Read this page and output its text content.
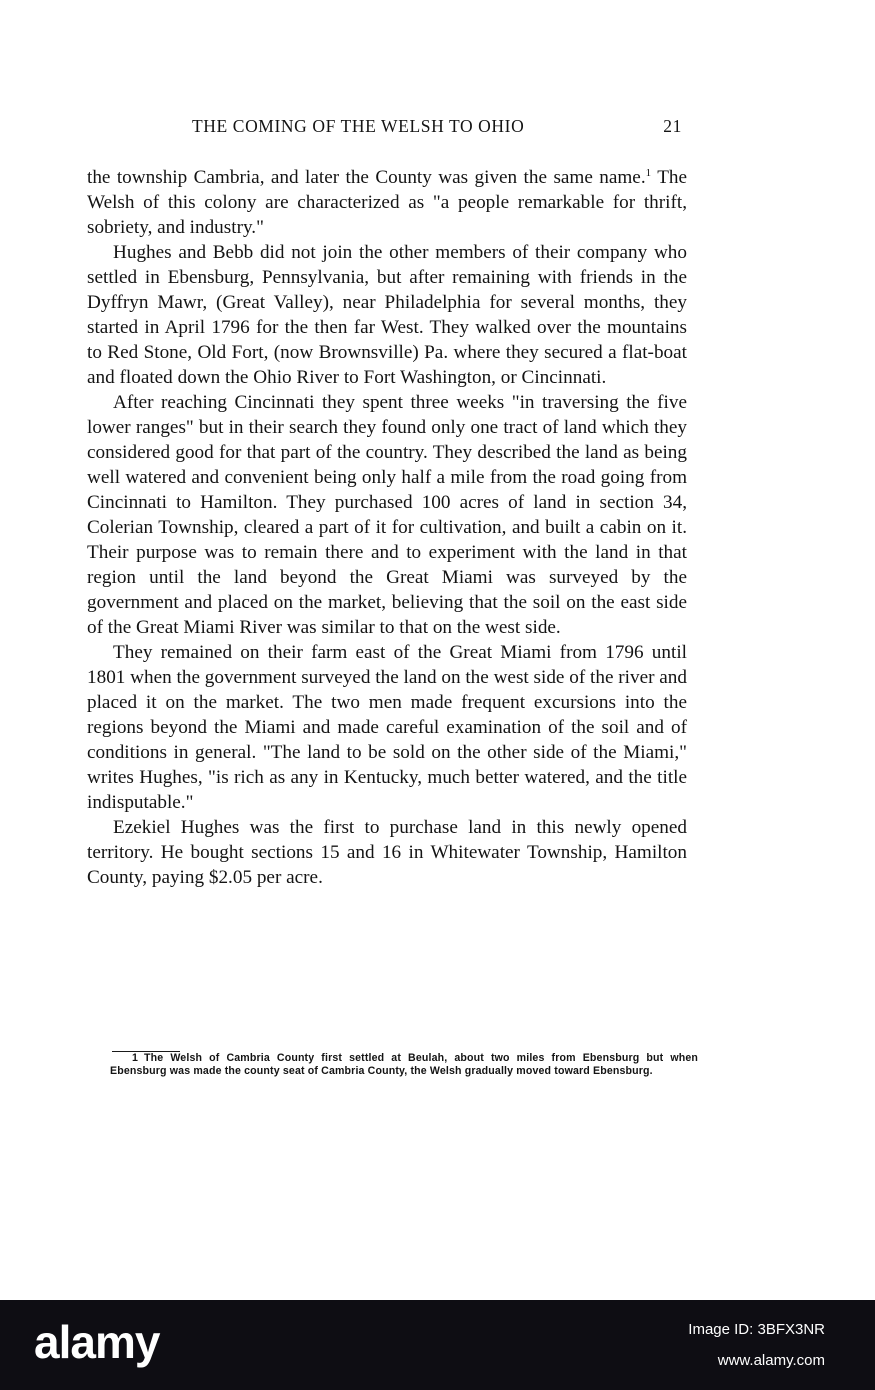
THE COMING OF THE WELSH TO OHIO	21

the township Cambria, and later the County was given the same name.$^1$ The Welsh of this colony are characterized as "a people remarkable for thrift, sobriety, and industry."

Hughes and Bebb did not join the other members of their company who settled in Ebensburg, Pennsylvania, but after remaining with friends in the Dyffryn Mawr, (Great Valley), near Philadelphia for several months, they started in April 1796 for the then far West. They walked over the mountains to Red Stone, Old Fort, (now Brownsville) Pa. where they secured a flat-boat and floated down the Ohio River to Fort Washington, or Cincinnati.

After reaching Cincinnati they spent three weeks "in traversing the five lower ranges" but in their search they found only one tract of land which they considered good for that part of the country. They described the land as being well watered and convenient being only half a mile from the road going from Cincinnati to Hamilton. They purchased 100 acres of land in section 34, Colerian Township, cleared a part of it for cultivation, and built a cabin on it. Their purpose was to remain there and to experiment with the land in that region until the land beyond the Great Miami was surveyed by the government and placed on the market, believing that the soil on the east side of the Great Miami River was similar to that on the west side.

They remained on their farm east of the Great Miami from 1796 until 1801 when the government surveyed the land on the west side of the river and placed it on the market. The two men made frequent excursions into the regions beyond the Miami and made careful examination of the soil and of conditions in general. "The land to be sold on the other side of the Miami," writes Hughes, "is rich as any in Kentucky, much better watered, and the title indisputable."

Ezekiel Hughes was the first to purchase land in this newly opened territory. He bought sections 15 and 16 in Whitewater Township, Hamilton County, paying $2.05 per acre.

1 The Welsh of Cambria County first settled at Beulah, about two miles from Ebensburg but when Ebensburg was made the county seat of Cambria County, the Welsh gradually moved toward Ebensburg.
alamy	Image ID: 3BFX3NR
www.alamy.com
